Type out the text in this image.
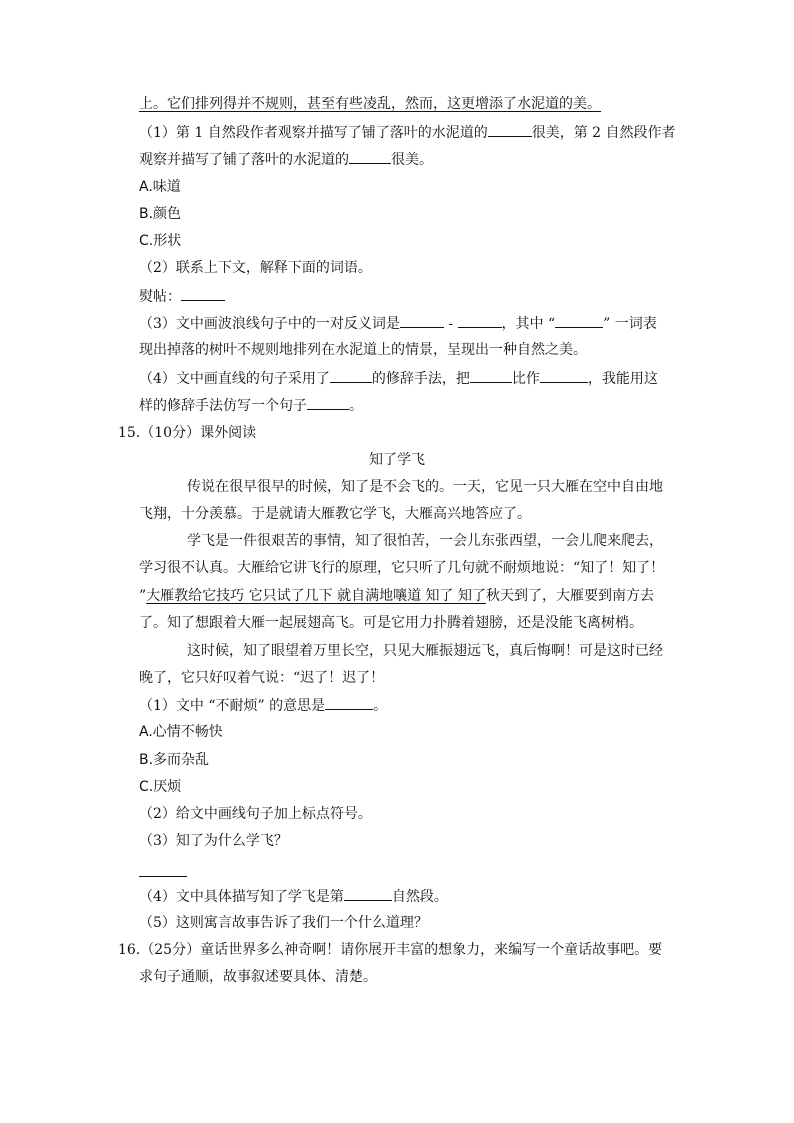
上。它们排列得并不规则，甚至有些凌乱，然而，这更增添了水泥道的美。
（1）第 1 自然段作者观察并描写了铺了落叶的水泥道的	很美，第 2 自然段作者
观察并描写了铺了落叶的水泥道的	很美。
A.味道
B.颜色
C.形状
（2）联系上下文，解释下面的词语。
熨帖：
（3）文中画波浪线句子中的一对反义词是	-	，其中 “	” 一词表
现出掉落的树叶不规则地排列在水泥道上的情景，呈现出一种自然之美。
（4）文中画直线的句子采用了	的修辞手法，把	比作	，我能用这
样的修辞手法仿写一个句子	。
15.（10分）课外阅读
知了学飞
传说在很早很早的时候，知了是不会飞的。一天，它见一只大雁在空中自由地
飞翔，十分羡慕。于是就请大雁教它学飞，大雁高兴地答应了。
学飞是一件很艰苦的事情，知了很怕苦，一会儿东张西望，一会儿爬来爬去，
学习很不认真。大雁给它讲飞行的原理，它只听了几句就不耐烦地说：“知了！知了！
”大雁教给它技巧 它只试了几下 就自满地嚷道 知了 知了秋天到了，大雁要到南方去
了。知了想跟着大雁一起展翅高飞。可是它用力扑腾着翅膀，还是没能飞离树梢。
这时候，知了眼望着万里长空，只见大雁振翅远飞，真后悔啊！可是这时已经
晚了，它只好叹着气说：“迟了！迟了！
（1）文中 “不耐烦” 的意思是	。
A.心情不畅快
B.多而杂乱
C.厌烦
（2）给文中画线句子加上标点符号。
（3）知了为什么学飞？
（4）文中具体描写知了学飞是第	自然段。
（5）这则寓言故事告诉了我们一个什么道理？
16.（25分）童话世界多么神奇啊！请你展开丰富的想象力，来编写一个童话故事吧。要
求句子通顺，故事叙述要具体、清楚。
